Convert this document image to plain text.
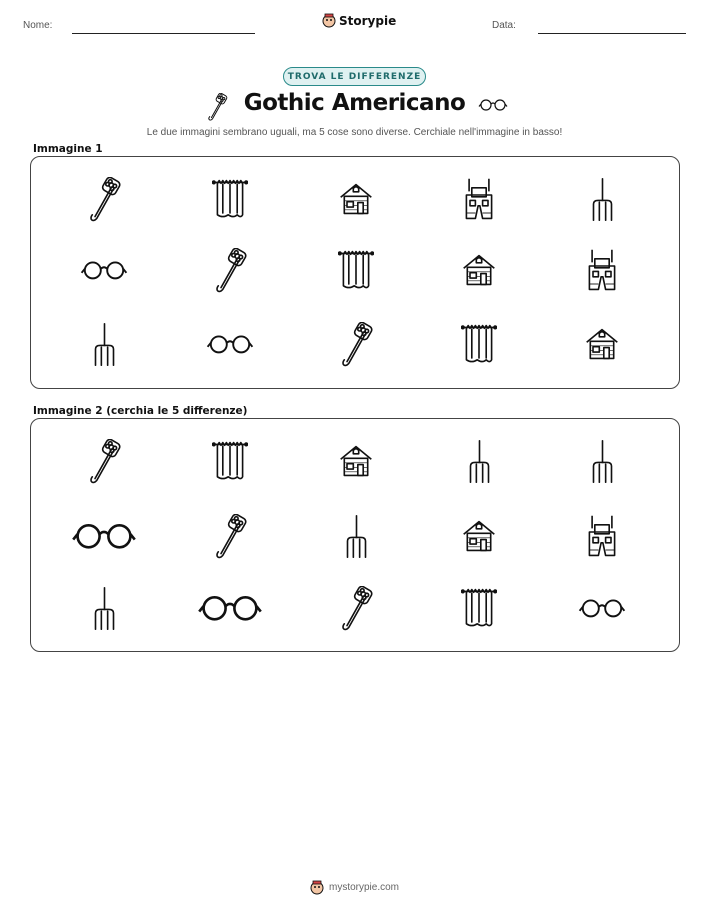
Nome:	Storypie	Data:
TROVA LE DIFFERENZE
Gothic Americano
Le due immagini sembrano uguali, ma 5 cose sono diverse. Cerchiale nell'immagine in basso!
Immagine 1
Immagine 2 (cerchia le 5 differenze)
mystorypie.com
